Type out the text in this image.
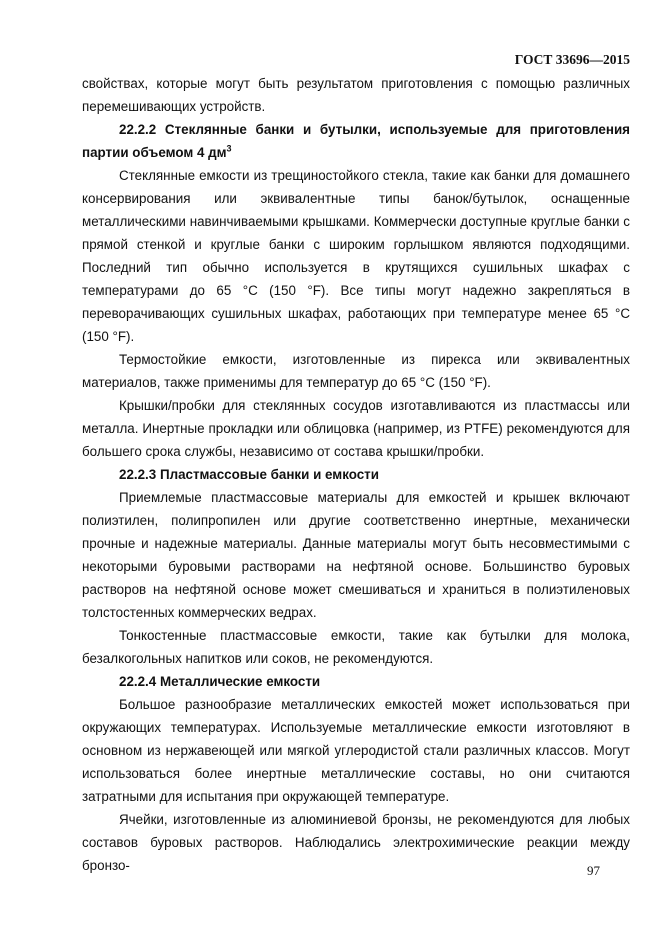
ГОСТ 33696—2015

свойствах, которые могут быть результатом приготовления с помощью различных перемешивающих устройств.

22.2.2 Стеклянные банки и бутылки, используемые для приготовления партии объемом 4 $дм^3$

Стеклянные емкости из трещиностойкого стекла, такие как банки для домашнего консервирования или эквивалентные типы банок/бутылок, оснащенные металлическими навинчиваемыми крышками. Коммерчески доступные круглые банки с прямой стенкой и круглые банки с широким горлышком являются подходящими. Последний тип обычно используется в крутящихся сушильных шкафах с температурами до 65 °С (150 °F). Все типы могут надежно закрепляться в переворачивающих сушильных шкафах, работающих при температуре менее 65 °С (150 °F).

Термостойкие емкости, изготовленные из пирекса или эквивалентных материалов, также применимы для температур до 65 °С (150 °F).

Крышки/пробки для стеклянных сосудов изготавливаются из пластмассы или металла. Инертные прокладки или облицовка (например, из PTFE) рекомендуются для большего срока службы, независимо от состава крышки/пробки.

22.2.3 Пластмассовые банки и емкости

Приемлемые пластмассовые материалы для емкостей и крышек включают полиэтилен, полипропилен или другие соответственно инертные, механически прочные и надежные материалы. Данные материалы могут быть несовместимыми с некоторыми буровыми растворами на нефтяной основе. Большинство буровых растворов на нефтяной основе может смешиваться и храниться в полиэтиленовых толстостенных коммерческих ведрах.

Тонкостенные пластмассовые емкости, такие как бутылки для молока, безалкогольных напитков или соков, не рекомендуются.

22.2.4 Металлические емкости

Большое разнообразие металлических емкостей может использоваться при окружающих температурах. Используемые металлические емкости изготовляют в основном из нержавеющей или мягкой углеродистой стали различных классов. Могут использоваться более инертные металлические составы, но они считаются затратными для испытания при окружающей температуре.

Ячейки, изготовленные из алюминиевой бронзы, не рекомендуются для любых составов буровых растворов. Наблюдались электрохимические реакции между бронзо-	97
